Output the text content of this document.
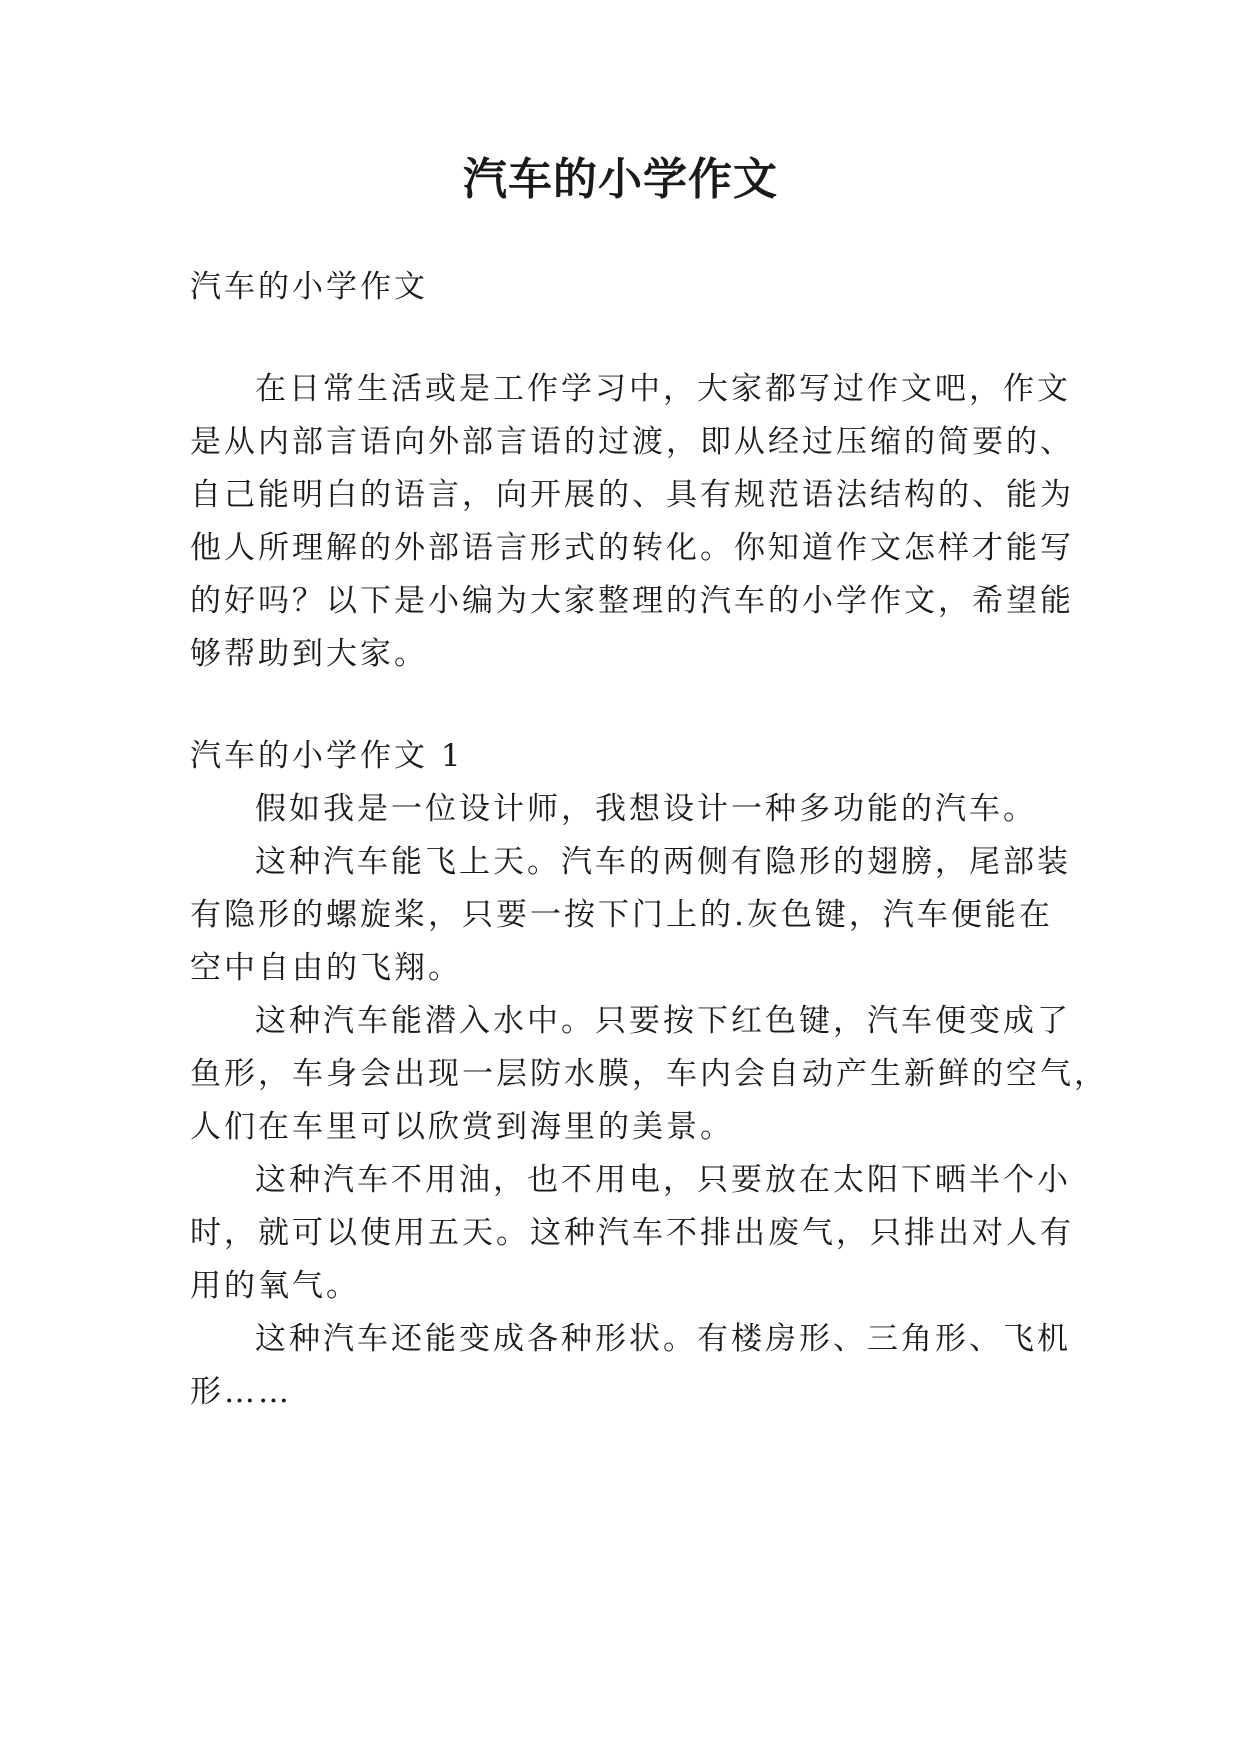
汽车的小学作文
汽车的小学作文
在日常生活或是工作学习中，大家都写过作文吧，作文
是从内部言语向外部言语的过渡，即从经过压缩的简要的、
自己能明白的语言，向开展的、具有规范语法结构的、能为
他人所理解的外部语言形式的转化。你知道作文怎样才能写
的好吗？以下是小编为大家整理的汽车的小学作文，希望能
够帮助到大家。
汽车的小学作文 1
假如我是一位设计师，我想设计一种多功能的汽车。
这种汽车能飞上天。汽车的两侧有隐形的翅膀，尾部装
有隐形的螺旋桨，只要一按下门上的.灰色键，汽车便能在
空中自由的飞翔。
这种汽车能潜入水中。只要按下红色键，汽车便变成了
鱼形，车身会出现一层防水膜，车内会自动产生新鲜的空气，
人们在车里可以欣赏到海里的美景。
这种汽车不用油，也不用电，只要放在太阳下晒半个小
时，就可以使用五天。这种汽车不排出废气，只排出对人有
用的氧气。
这种汽车还能变成各种形状。有楼房形、三角形、飞机
形……
